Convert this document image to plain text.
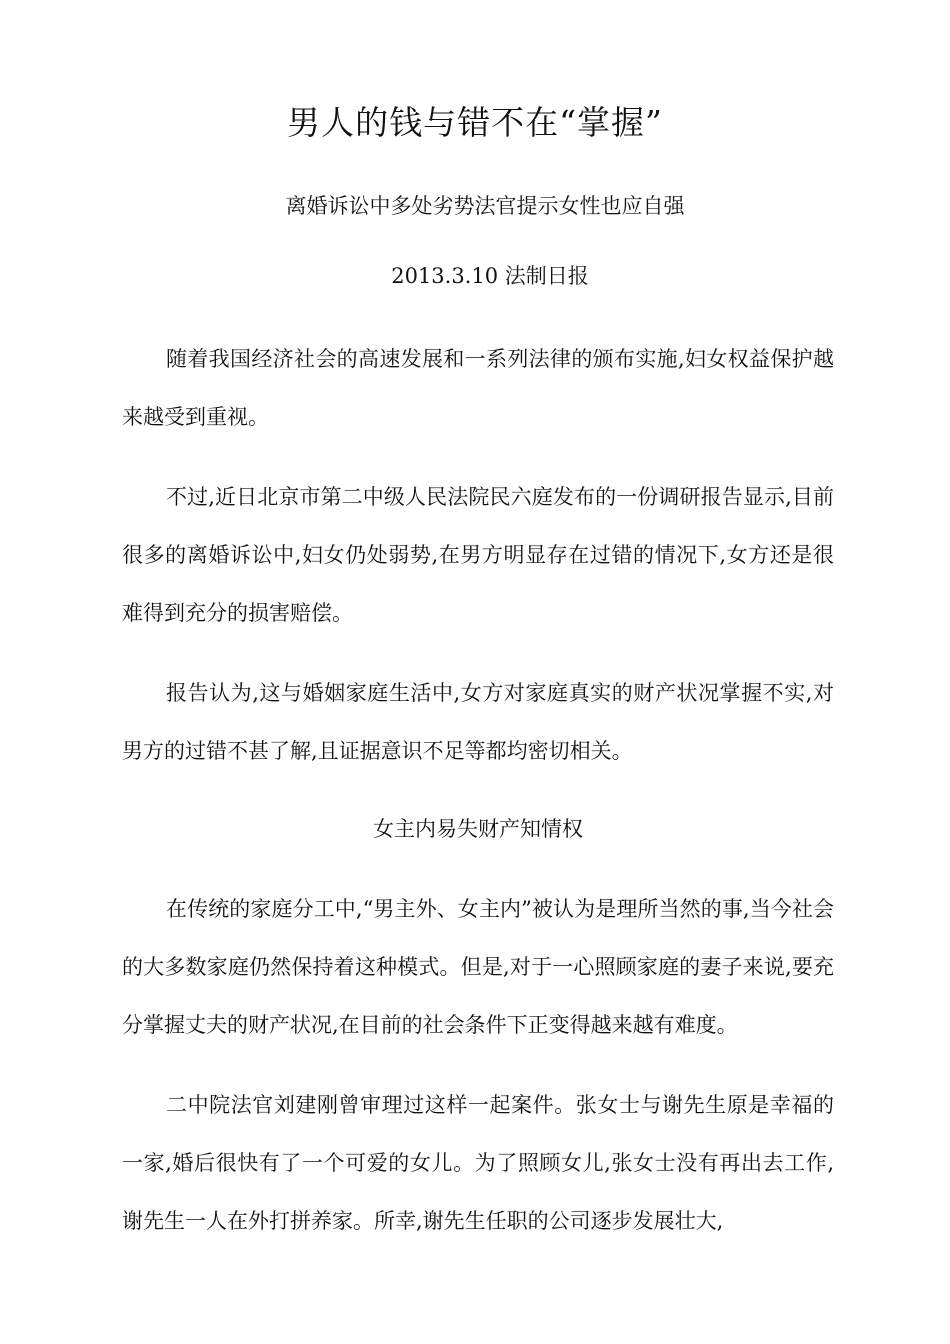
男人的钱与错不在“掌握”
离婚诉讼中多处劣势法官提示女性也应自强
2013.3.10 法制日报

随着我国经济社会的高速发展和一系列法律的颁布实施,妇女权益保护越来越受到重视。

不过,近日北京市第二中级人民法院民六庭发布的一份调研报告显示,目前很多的离婚诉讼中,妇女仍处弱势,在男方明显存在过错的情况下,女方还是很难得到充分的损害赔偿。

报告认为,这与婚姻家庭生活中,女方对家庭真实的财产状况掌握不实,对男方的过错不甚了解,且证据意识不足等都均密切相关。

女主内易失财产知情权

在传统的家庭分工中,“男主外、女主内”被认为是理所当然的事,当今社会的大多数家庭仍然保持着这种模式。但是,对于一心照顾家庭的妻子来说,要充分掌握丈夫的财产状况,在目前的社会条件下正变得越来越有难度。

二中院法官刘建刚曾审理过这样一起案件。张女士与谢先生原是幸福的一家,婚后很快有了一个可爱的女儿。为了照顾女儿,张女士没有再出去工作,谢先生一人在外打拼养家。所幸,谢先生任职的公司逐步发展壮大,
